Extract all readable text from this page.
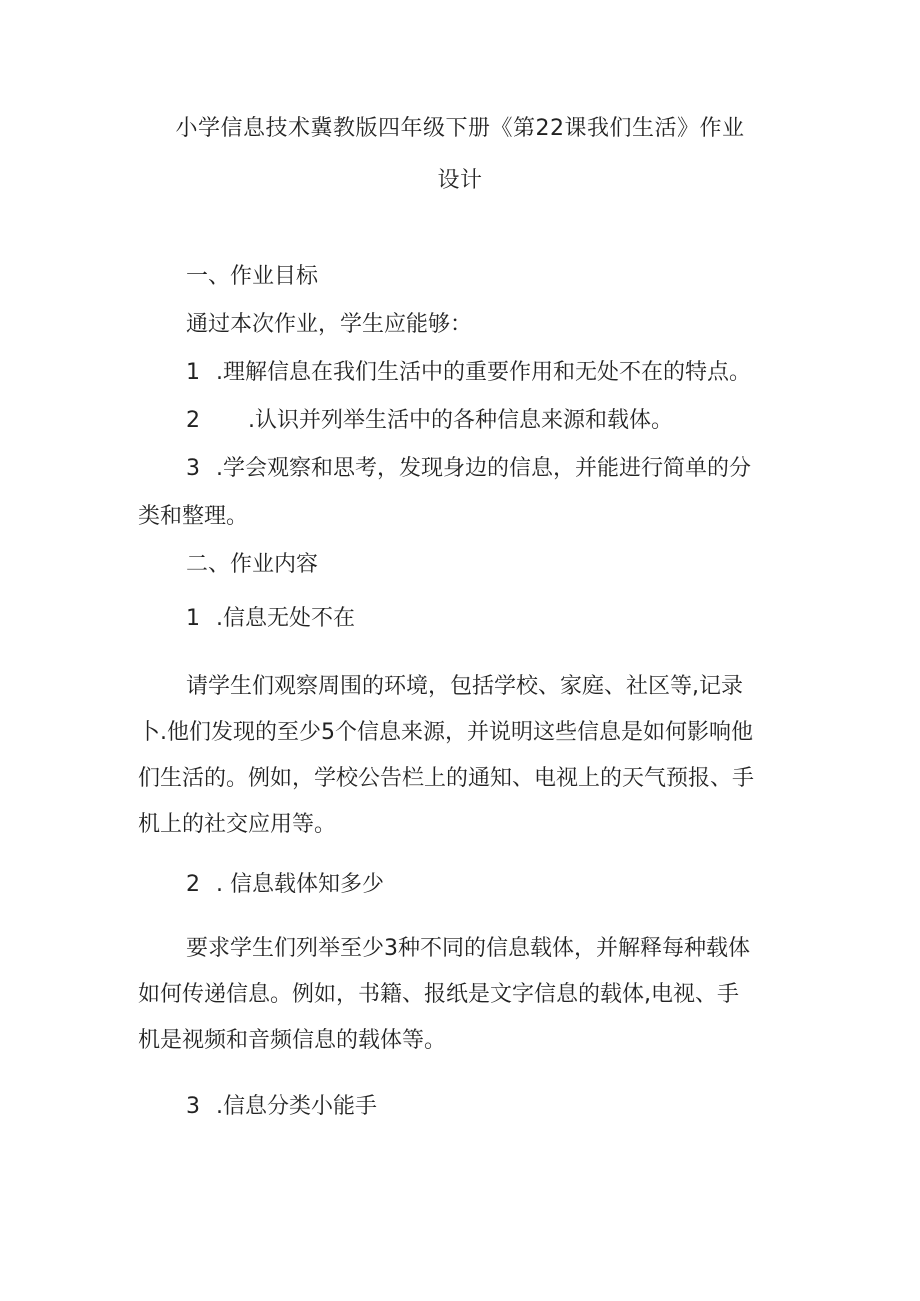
小学信息技术冀教版四年级下册《第22课我们生活》作业
设计
一、作业目标
通过本次作业，学生应能够：
1 .理解信息在我们生活中的重要作用和无处不在的特点。
2 .认识并列举生活中的各种信息来源和载体。
3 .学会观察和思考，发现身边的信息，并能进行简单的分
类和整理。
二、作业内容
1 .信息无处不在
请学生们观察周围的环境，包括学校、家庭、社区等,记录
卜.他们发现的至少5个信息来源，并说明这些信息是如何影响他
们生活的。例如，学校公告栏上的通知、电视上的天气预报、手
机上的社交应用等。
2 . 信息载体知多少
要求学生们列举至少3种不同的信息载体，并解释每种载体
如何传递信息。例如，书籍、报纸是文字信息的载体,电视、手
机是视频和音频信息的载体等。
3 .信息分类小能手
